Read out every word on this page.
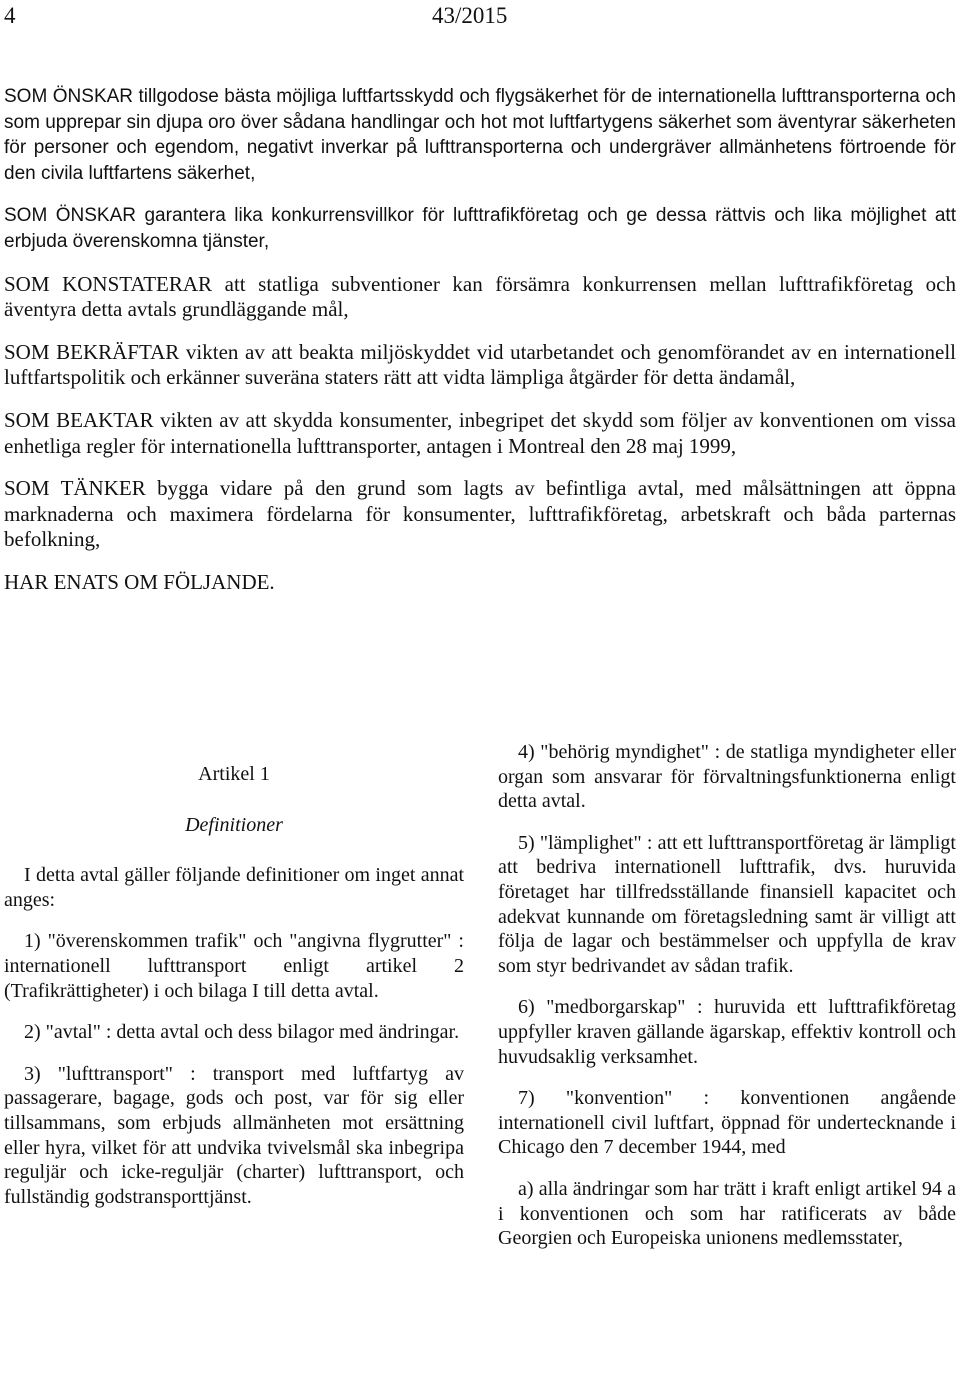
4	43/2015

SOM ÖNSKAR tillgodose bästa möjliga luftfartsskydd och flygsäkerhet för de internationella lufttransporterna och som upprepar sin djupa oro över sådana handlingar och hot mot luftfartygens säkerhet som äventyrar säkerheten för personer och egendom, negativt inverkar på lufttransporterna och undergräver allmänhetens förtroende för den civila luftfartens säkerhet,

SOM ÖNSKAR garantera lika konkurrensvillkor för lufttrafikföretag och ge dessa rättvis och lika möjlighet att erbjuda överenskomna tjänster,

SOM KONSTATERAR att statliga subventioner kan försämra konkurrensen mellan lufttrafikföretag och äventyra detta avtals grundläggande mål,

SOM BEKRÄFTAR vikten av att beakta miljöskyddet vid utarbetandet och genomförandet av en internationell luftfartspolitik och erkänner suveräna staters rätt att vidta lämpliga åtgärder för detta ändamål,

SOM BEAKTAR vikten av att skydda konsumenter, inbegripet det skydd som följer av konventionen om vissa enhetliga regler för internationella lufttransporter, antagen i Montreal den 28 maj 1999,

SOM TÄNKER bygga vidare på den grund som lagts av befintliga avtal, med målsättningen att öppna marknaderna och maximera fördelarna för konsumenter, lufttrafikföretag, arbetskraft och båda parternas befolkning,

HAR ENATS OM FÖLJANDE.

Artikel 1

Definitioner

I detta avtal gäller följande definitioner om inget annat anges:

1) "överenskommen trafik" och "angivna flygrutter" : internationell lufttransport enligt artikel 2 (Trafikrättigheter) i och bilaga I till detta avtal.

2) "avtal" : detta avtal och dess bilagor med ändringar.

3) "lufttransport" : transport med luftfartyg av passagerare, bagage, gods och post, var för sig eller tillsammans, som erbjuds allmänheten mot ersättning eller hyra, vilket för att undvika tvivelsmål ska inbegripa reguljär och icke-reguljär (charter) lufttransport, och fullständig godstransporttjänst.

4) "behörig myndighet" : de statliga myndigheter eller organ som ansvarar för förvaltningsfunktionerna enligt detta avtal.

5) "lämplighet" : att ett lufttransportföretag är lämpligt att bedriva internationell lufttrafik, dvs. huruvida företaget har tillfredsställande finansiell kapacitet och adekvat kunnande om företagsledning samt är villigt att följa de lagar och bestämmelser och uppfylla de krav som styr bedrivandet av sådan trafik.

6) "medborgarskap" : huruvida ett lufttrafikföretag uppfyller kraven gällande ägarskap, effektiv kontroll och huvudsaklig verksamhet.

7) "konvention" : konventionen angående internationell civil luftfart, öppnad för undertecknande i Chicago den 7 december 1944, med

a) alla ändringar som har trätt i kraft enligt artikel 94 a i konventionen och som har ratificerats av både Georgien och Europeiska unionens medlemsstater,
